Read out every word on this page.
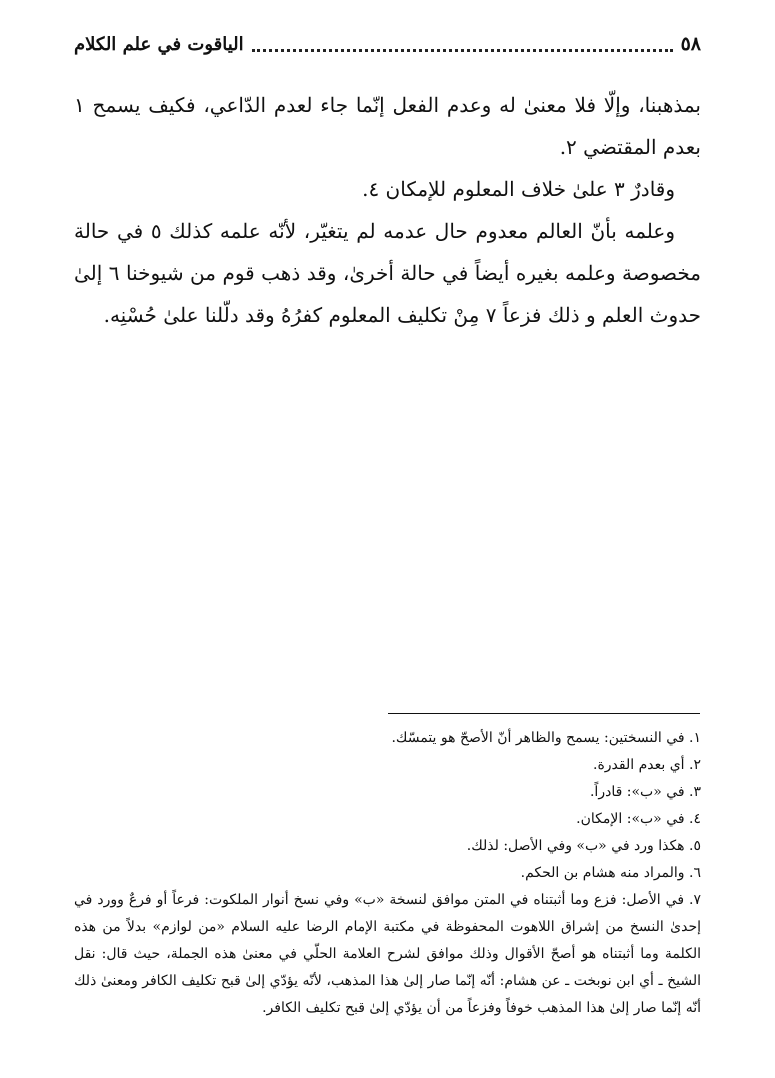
٥٨
الياقوت في علم الكلام

بمذهبنا، وإلّا فلا معنىٰ له وعدم الفعل إنّما جاء لعدم الدّاعي، فكيف يسمح ١ بعدم المقتضي ٢.

وقادرٌ ٣ علىٰ خلاف المعلوم للإمكان ٤.

وعلمه بأنّ العالم معدوم حال عدمه لم يتغيّر، لأنّه علمه كذلك ٥ في حالة مخصوصة وعلمه بغيره أيضاً في حالة أخرىٰ، وقد ذهب قوم من شيوخنا ٦ إلىٰ حدوث العلم و ذلك فزعاً ٧ مِنْ تكليف المعلوم كفرُهُ وقد دلّلنا علىٰ حُسْنِه.

١. في النسختين: يسمح والظاهر أنّ الأصحّ هو يتمسّك.

٢. أي بعدم القدرة.

٣. في «ب»: قادراً.

٤. في «ب»: الإمكان.

٥. هكذا ورد في «ب» وفي الأصل: لذلك.

٦. والمراد منه هشام بن الحكم.

٧. في الأصل: فزع وما أثبتناه في المتن موافق لنسخة «ب» وفي نسخ أنوار الملكوت: فرعاً أو فرعٌ وورد في إحدىٰ النسخ من إشراق اللاهوت المحفوظة في مكتبة الإمام الرضا عليه السلام «من لوازم» بدلاً من هذه الكلمة وما أثبتناه هو أصحّ الأقوال وذلك موافق لشرح العلامة الحلّي في معنىٰ هذه الجملة، حيث قال: نقل الشيخ ـ أي ابن نوبخت ـ عن هشام: أنّه إنّما صار إلىٰ هذا المذهب، لأنّه يؤدّي إلىٰ قبح تكليف الكافر ومعنىٰ ذلك أنّه إنّما صار إلىٰ هذا المذهب خوفاً وفزعاً من أن يؤدّي إلىٰ قبح تكليف الكافر.
